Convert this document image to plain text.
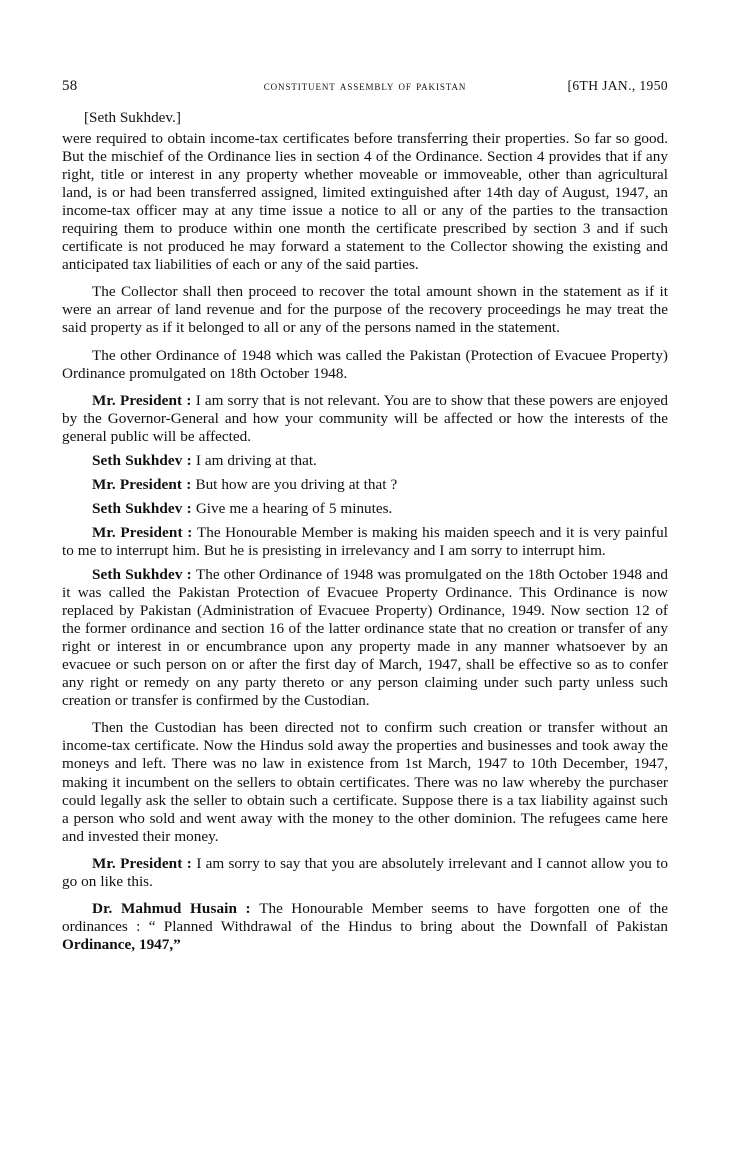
58	constituent assembly of pakistan	[6TH JAN., 1950
[Seth Sukhdev.]

were required to obtain income-tax certificates before transferring their properties. So far so good. But the mischief of the Ordinance lies in section 4 of the Ordinance. Section 4 provides that if any right, title or interest in any property whether moveable or immoveable, other than agricultural land, is or had been transferred assigned, limited extinguished after 14th day of August, 1947, an income-tax officer may at any time issue a notice to all or any of the parties to the transaction requiring them to produce within one month the certificate prescribed by section 3 and if such certificate is not produced he may forward a statement to the Collector showing the existing and anticipated tax liabilities of each or any of the said parties.

The Collector shall then proceed to recover the total amount shown in the statement as if it were an arrear of land revenue and for the purpose of the recovery proceedings he may treat the said property as if it belonged to all or any of the persons named in the statement.

The other Ordinance of 1948 which was called the Pakistan (Protection of Evacuee Property) Ordinance promulgated on 18th October 1948.

Mr. President : I am sorry that is not relevant. You are to show that these powers are enjoyed by the Governor-General and how your community will be affected or how the interests of the general public will be affected.

Seth Sukhdev : I am driving at that.

Mr. President : But how are you driving at that ?

Seth Sukhdev : Give me a hearing of 5 minutes.

Mr. President : The Honourable Member is making his maiden speech and it is very painful to me to interrupt him. But he is presisting in irrelevancy and I am sorry to interrupt him.

Seth Sukhdev : The other Ordinance of 1948 was promulgated on the 18th October 1948 and it was called the Pakistan Protection of Evacuee Property Ordinance. This Ordinance is now replaced by Pakistan (Administration of Evacuee Property) Ordinance, 1949. Now section 12 of the former ordinance and section 16 of the latter ordinance state that no creation or transfer of any right or interest in or encumbrance upon any property made in any manner whatsoever by an evacuee or such person on or after the first day of March, 1947, shall be effective so as to confer any right or remedy on any party thereto or any person claiming under such party unless such creation or transfer is confirmed by the Custodian.

Then the Custodian has been directed not to confirm such creation or transfer without an income-tax certificate. Now the Hindus sold away the properties and businesses and took away the moneys and left. There was no law in existence from 1st March, 1947 to 10th December, 1947, making it incumbent on the sellers to obtain certificates. There was no law whereby the purchaser could legally ask the seller to obtain such a certificate. Suppose there is a tax liability against such a person who sold and went away with the money to the other dominion. The refugees came here and invested their money.

Mr. President : I am sorry to say that you are absolutely irrelevant and I cannot allow you to go on like this.

Dr. Mahmud Husain : The Honourable Member seems to have forgotten one of the ordinances : “ Planned Withdrawal of the Hindus to bring about the Downfall of Pakistan Ordinance, 1947,”
